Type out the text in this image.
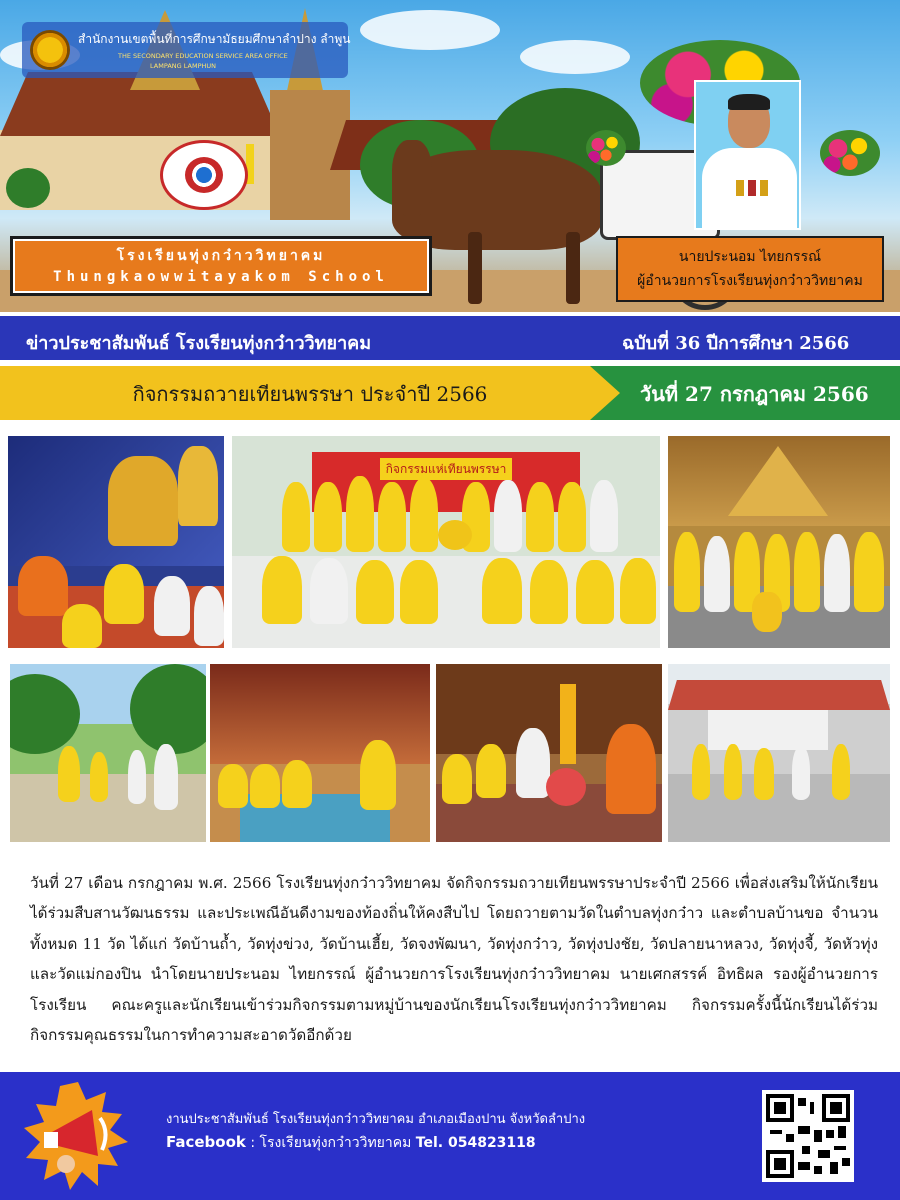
สำนักงานเขตพื้นที่การศึกษามัธยมศึกษาลำปาง ลำพูน
THE SECONDARY EDUCATION SERVICE AREA OFFICE
LAMPANG LAMPHUN
โรงเรียนทุ่งกว๋าววิทยาคม
Thungkaowwitayakom School
นายประนอม ไทยกรรณ์
ผู้อำนวยการโรงเรียนทุ่งกว๋าววิทยาคม
ข่าวประชาสัมพันธ์ โรงเรียนทุ่งกว๋าววิทยาคม	ฉบับที่ 36 ปีการศึกษา 2566
กิจกรรมถวายเทียนพรรษา ประจำปี 2566	วันที่ 27 กรกฎาคม 2566
กิจกรรมแห่เทียนพรรษา
วันที่ 27 เดือน กรกฎาคม พ.ศ. 2566 โรงเรียนทุ่งกว๋าววิทยาคม จัดกิจกรรมถวายเทียนพรรษาประจำปี 2566 เพื่อส่งเสริมให้นักเรียนได้ร่วมสืบสานวัฒนธรรม และประเพณีอันดีงามของท้องถิ่นให้คงสืบไป โดยถวายตามวัดในตำบลทุ่งกว๋าว และตำบลบ้านขอ จำนวนทั้งหมด 11 วัด ได้แก่ วัดบ้านถ้ำ, วัดทุ่งข่วง, วัดบ้านเฮี้ย, วัดจงพัฒนา, วัดทุ่งกว๋าว, วัดทุ่งปงชัย, วัดปลายนาหลวง, วัดทุ่งจี้, วัดหัวทุ่ง และวัดแม่กองปิน นำโดยนายประนอม ไทยกรรณ์ ผู้อำนวยการโรงเรียนทุ่งกว๋าววิทยาคม นายเศกสรรค์ อิทธิผล รองผู้อำนวยการโรงเรียน คณะครูและนักเรียนเข้าร่วมกิจกรรมตามหมู่บ้านของนักเรียนโรงเรียนทุ่งกว๋าววิทยาคม กิจกรรมครั้งนี้นักเรียนได้ร่วมกิจกรรมคุณธรรมในการทำความสะอาดวัดอีกด้วย
งานประชาสัมพันธ์ โรงเรียนทุ่งกว๋าววิทยาคม อำเภอเมืองปาน จังหวัดลำปาง
Facebook : โรงเรียนทุ่งกว๋าววิทยาคม Tel. 054823118
